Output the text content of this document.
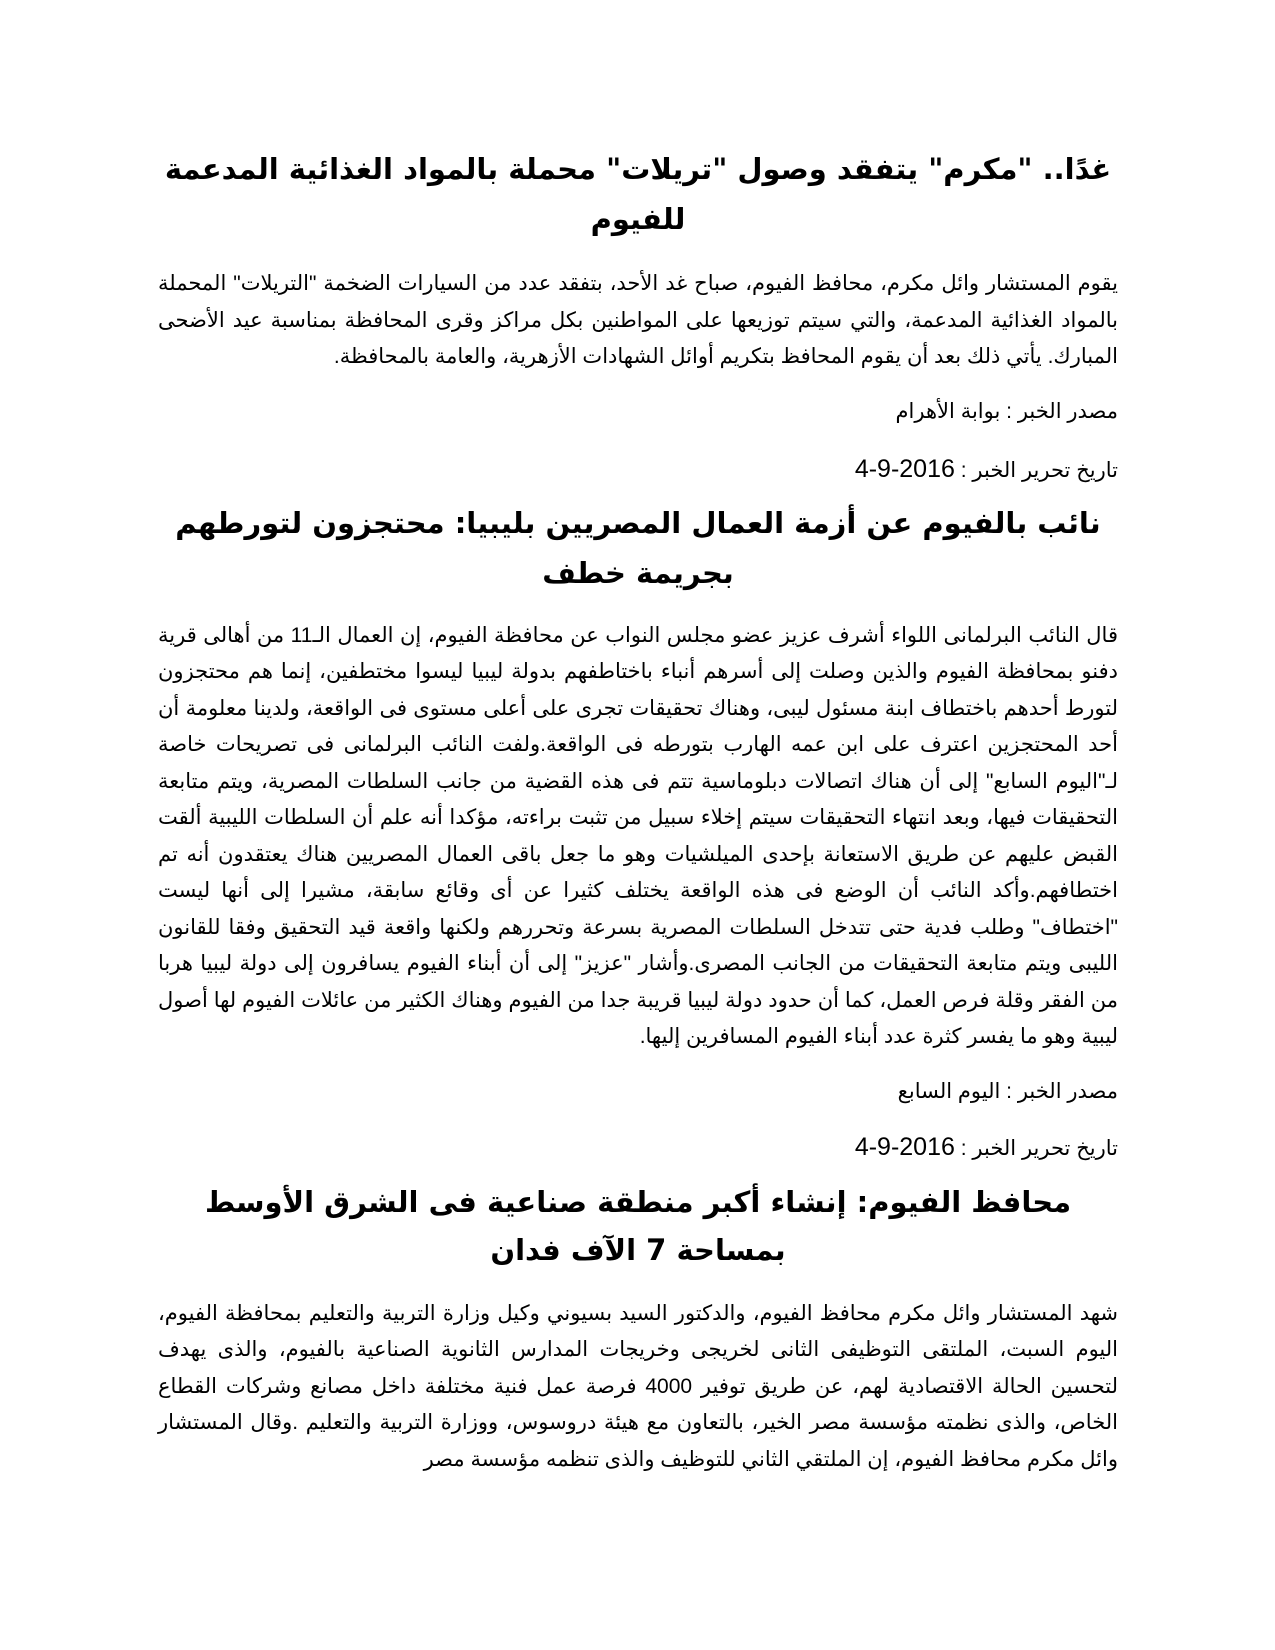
غدًا.. "مكرم" يتفقد وصول "تريلات" محملة بالمواد الغذائية المدعمة للفيوم

يقوم المستشار وائل مكرم، محافظ الفيوم، صباح غد الأحد، بتفقد عدد من السيارات الضخمة "التريلات" المحملة بالمواد الغذائية المدعمة، والتي سيتم توزيعها على المواطنين بكل مراكز وقرى المحافظة بمناسبة عيد الأضحى المبارك. يأتي ذلك بعد أن يقوم المحافظ بتكريم أوائل الشهادات الأزهرية، والعامة بالمحافظة.

مصدر الخبر : بوابة الأهرام

تاريخ تحرير الخبر : 4-9-2016

نائب بالفيوم عن أزمة العمال المصريين بليبيا: محتجزون لتورطهم بجريمة خطف

قال النائب البرلمانى اللواء أشرف عزيز عضو مجلس النواب عن محافظة الفيوم، إن العمال الـ11 من أهالى قرية دفنو بمحافظة الفيوم والذين وصلت إلى أسرهم أنباء باختاطفهم بدولة ليبيا ليسوا مختطفين، إنما هم محتجزون لتورط أحدهم باختطاف ابنة مسئول ليبى، وهناك تحقيقات تجرى على أعلى مستوى فى الواقعة، ولدينا معلومة أن أحد المحتجزين اعترف على ابن عمه الهارب بتورطه فى الواقعة.ولفت النائب البرلمانى فى تصريحات خاصة لـ"اليوم السابع" إلى أن هناك اتصالات دبلوماسية تتم فى هذه القضية من جانب السلطات المصرية، ويتم متابعة التحقيقات فيها، وبعد انتهاء التحقيقات سيتم إخلاء سبيل من تثبت براءته، مؤكدا أنه علم أن السلطات الليبية ألقت القبض عليهم عن طريق الاستعانة بإحدى الميلشيات وهو ما جعل باقى العمال المصريين هناك يعتقدون أنه تم اختطافهم.وأكد النائب أن الوضع فى هذه الواقعة يختلف كثيرا عن أى وقائع سابقة، مشيرا إلى أنها ليست "اختطاف" وطلب فدية حتى تتدخل السلطات المصرية بسرعة وتحررهم ولكنها واقعة قيد التحقيق وفقا للقانون الليبى ويتم متابعة التحقيقات من الجانب المصرى.وأشار "عزيز" إلى أن أبناء الفيوم يسافرون إلى دولة ليبيا هربا من الفقر وقلة فرص العمل، كما أن حدود دولة ليبيا قريبة جدا من الفيوم وهناك الكثير من عائلات الفيوم لها أصول ليبية وهو ما يفسر كثرة عدد أبناء الفيوم المسافرين إليها.

مصدر الخبر : اليوم السابع

تاريخ تحرير الخبر : 4-9-2016

محافظ الفيوم: إنشاء أكبر منطقة صناعية فى الشرق الأوسط بمساحة 7 الآف فدان

شهد المستشار وائل مكرم محافظ الفيوم، والدكتور السيد بسيوني وكيل وزارة التربية والتعليم بمحافظة الفيوم، اليوم السبت، الملتقى التوظيفى الثانى لخريجى وخريجات المدارس الثانوية الصناعية بالفيوم، والذى يهدف لتحسين الحالة الاقتصادية لهم، عن طريق توفير 4000 فرصة عمل فنية مختلفة داخل مصانع وشركات القطاع الخاص، والذى نظمته مؤسسة مصر الخير، بالتعاون مع هيئة دروسوس، ووزارة التربية والتعليم .وقال المستشار وائل مكرم محافظ الفيوم، إن الملتقي الثاني للتوظيف والذى تنظمه مؤسسة مصر
